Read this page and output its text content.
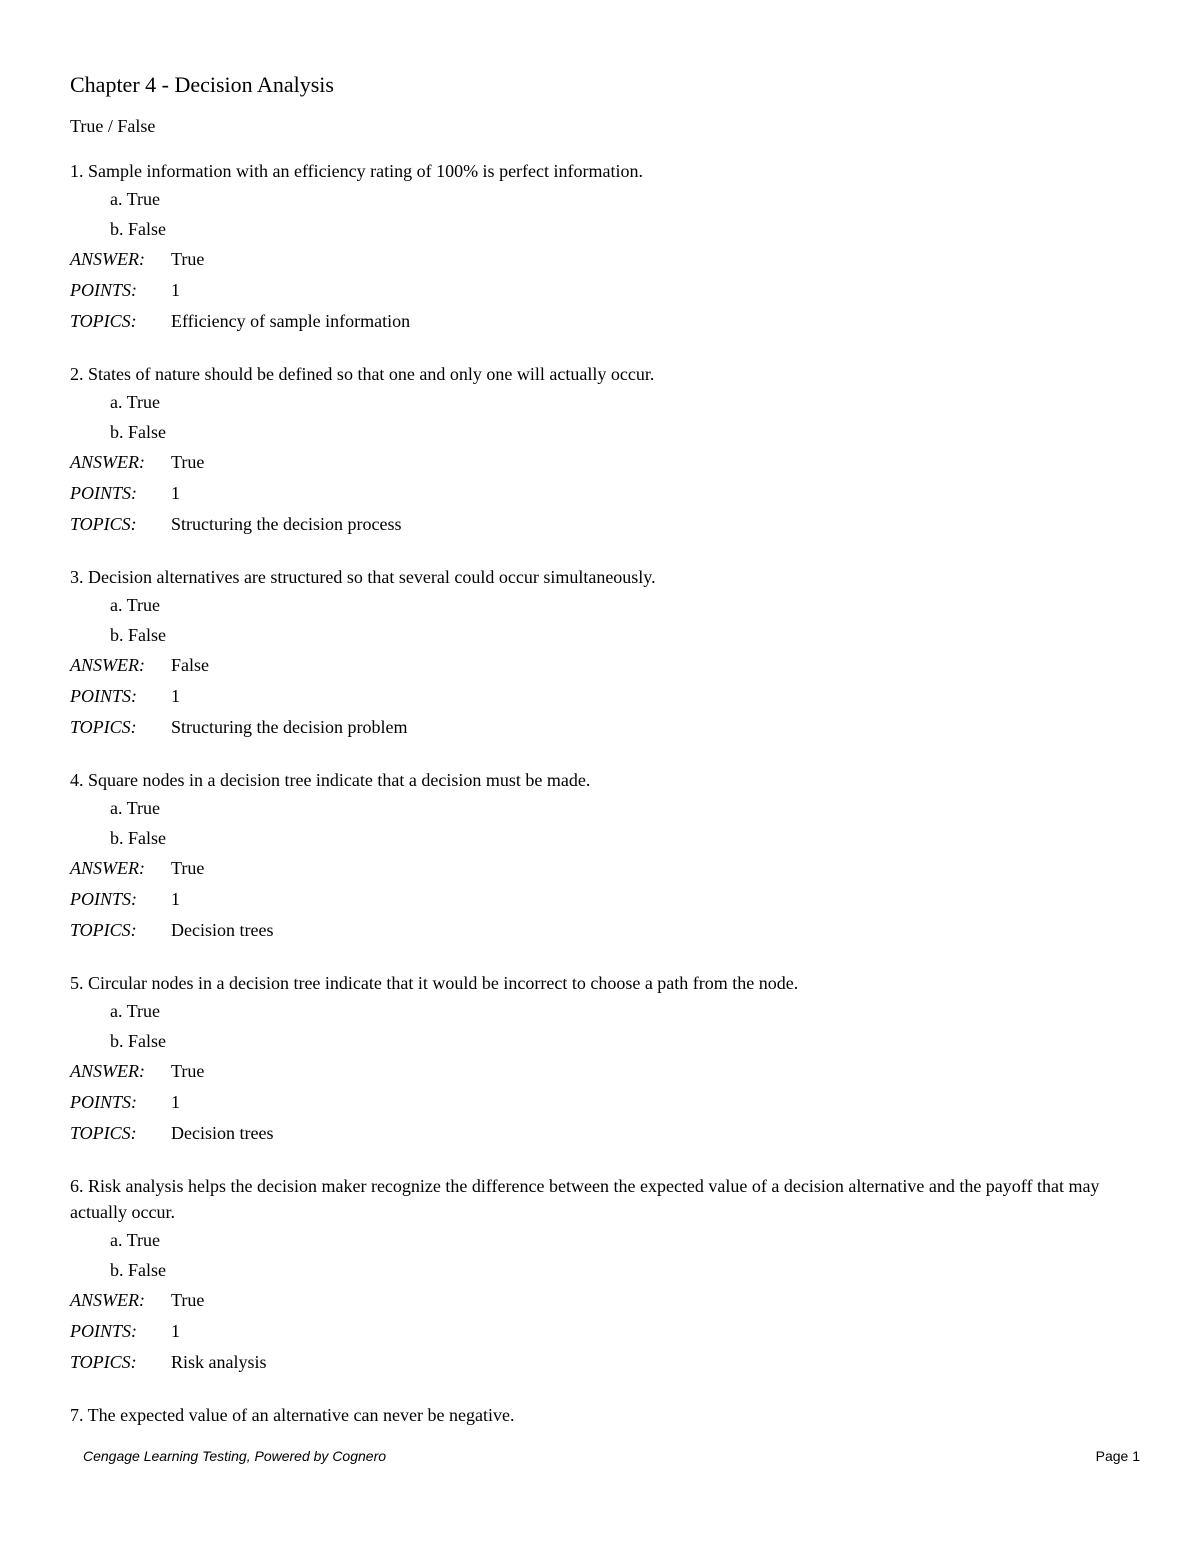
Chapter 4 - Decision Analysis
True / False
1. Sample information with an efficiency rating of 100% is perfect information.
a. True
b. False
ANSWER:	True
POINTS:	1
TOPICS:	Efficiency of sample information
2. States of nature should be defined so that one and only one will actually occur.
a. True
b. False
ANSWER:	True
POINTS:	1
TOPICS:	Structuring the decision process
3. Decision alternatives are structured so that several could occur simultaneously.
a. True
b. False
ANSWER:	False
POINTS:	1
TOPICS:	Structuring the decision problem
4. Square nodes in a decision tree indicate that a decision must be made.
a. True
b. False
ANSWER:	True
POINTS:	1
TOPICS:	Decision trees
5. Circular nodes in a decision tree indicate that it would be incorrect to choose a path from the node.
a. True
b. False
ANSWER:	True
POINTS:	1
TOPICS:	Decision trees
6. Risk analysis helps the decision maker recognize the difference between the expected value of a decision alternative and the payoff that may actually occur.
a. True
b. False
ANSWER:	True
POINTS:	1
TOPICS:	Risk analysis
7. The expected value of an alternative can never be negative.
Cengage Learning Testing, Powered by Cognero	Page 1
